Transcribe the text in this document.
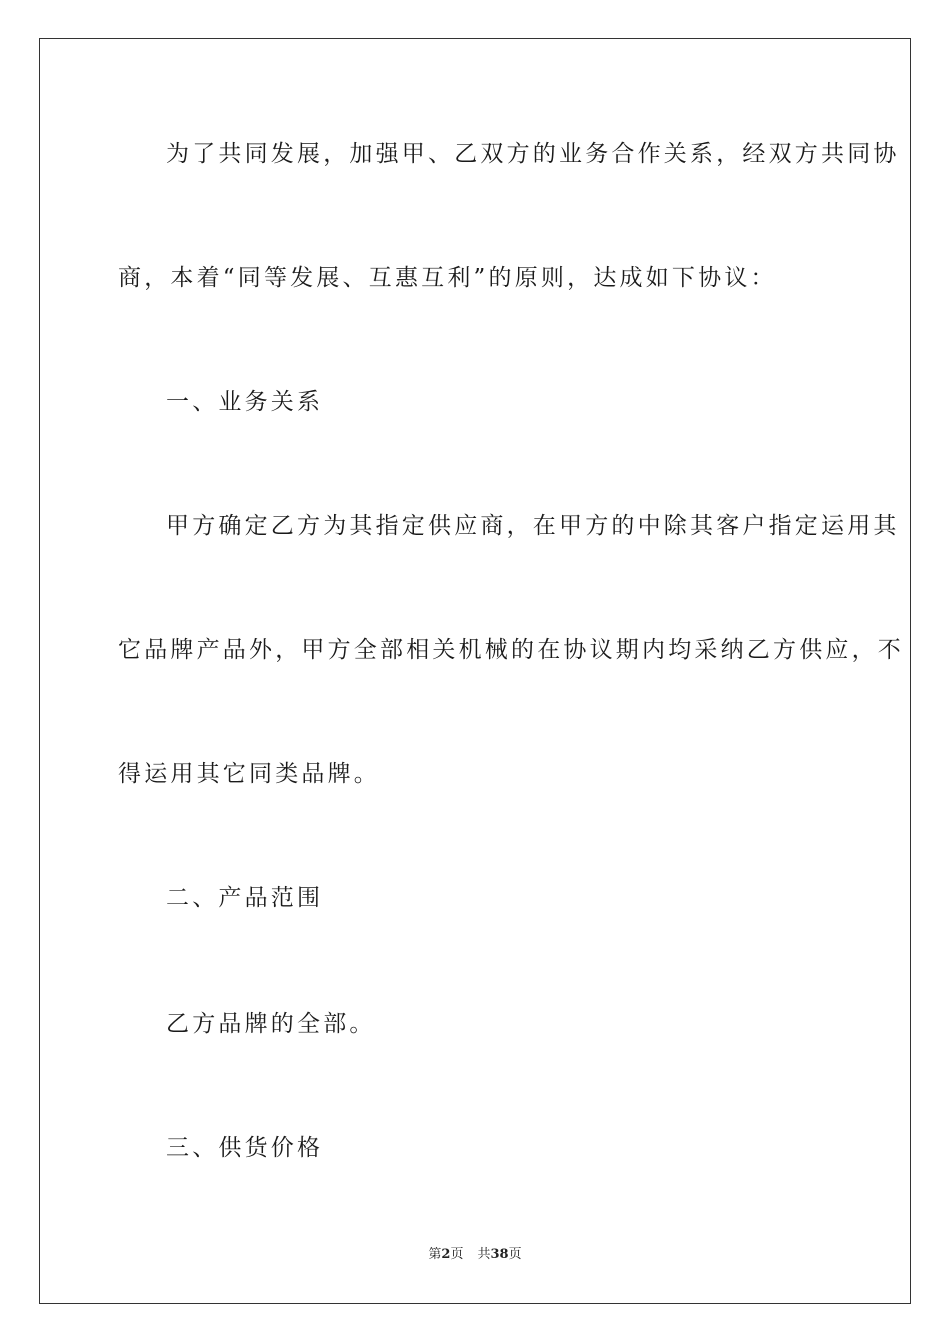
为了共同发展，加强甲、乙双方的业务合作关系，经双方共同协
商，本着“同等发展、互惠互利”的原则，达成如下协议：
一、业务关系
甲方确定乙方为其指定供应商，在甲方的中除其客户指定运用其
它品牌产品外，甲方全部相关机械的在协议期内均采纳乙方供应，不
得运用其它同类品牌。
二、产品范围
乙方品牌的全部。
三、供货价格
第2页 共38页
